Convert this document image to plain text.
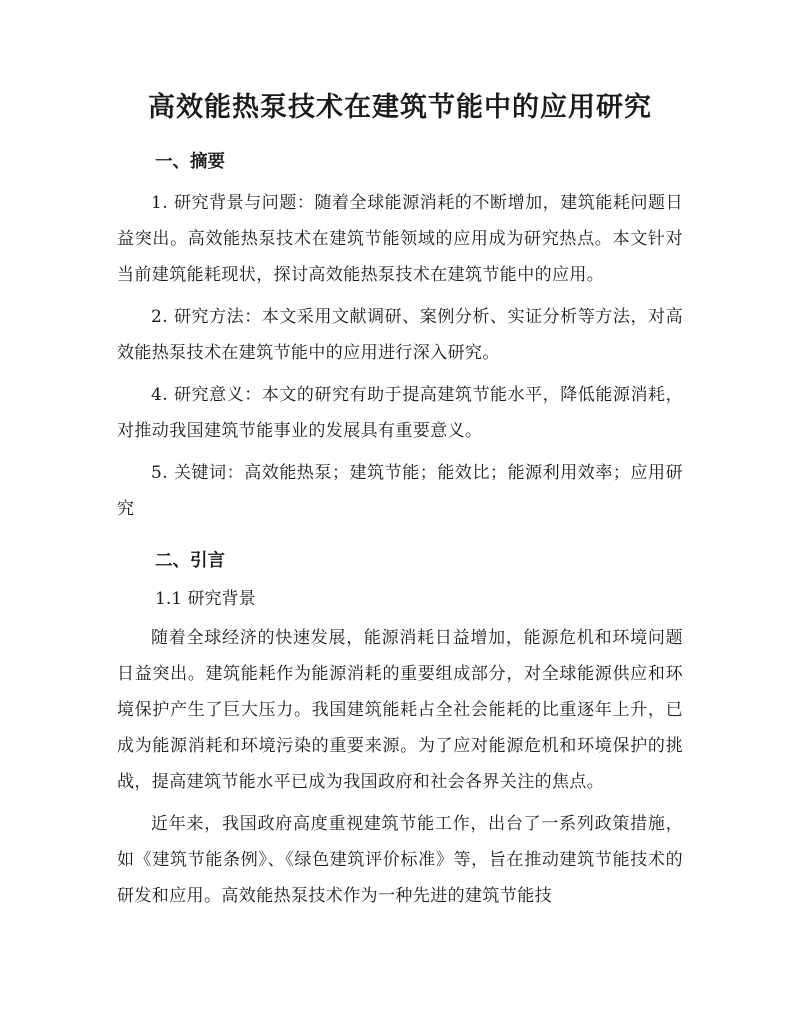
高效能热泵技术在建筑节能中的应用研究
一、摘要

1. 研究背景与问题：随着全球能源消耗的不断增加，建筑能耗问题日益突出。高效能热泵技术在建筑节能领域的应用成为研究热点。本文针对当前建筑能耗现状，探讨高效能热泵技术在建筑节能中的应用。

2. 研究方法：本文采用文献调研、案例分析、实证分析等方法，对高效能热泵技术在建筑节能中的应用进行深入研究。

4. 研究意义：本文的研究有助于提高建筑节能水平，降低能源消耗，对推动我国建筑节能事业的发展具有重要意义。

5. 关键词：高效能热泵；建筑节能；能效比；能源利用效率；应用研究

二、引言
1.1 研究背景

随着全球经济的快速发展，能源消耗日益增加，能源危机和环境问题日益突出。建筑能耗作为能源消耗的重要组成部分，对全球能源供应和环境保护产生了巨大压力。我国建筑能耗占全社会能耗的比重逐年上升，已成为能源消耗和环境污染的重要来源。为了应对能源危机和环境保护的挑战，提高建筑节能水平已成为我国政府和社会各界关注的焦点。

近年来，我国政府高度重视建筑节能工作，出台了一系列政策措施，如《建筑节能条例》、《绿色建筑评价标准》等，旨在推动建筑节能技术的研发和应用。高效能热泵技术作为一种先进的建筑节能技
